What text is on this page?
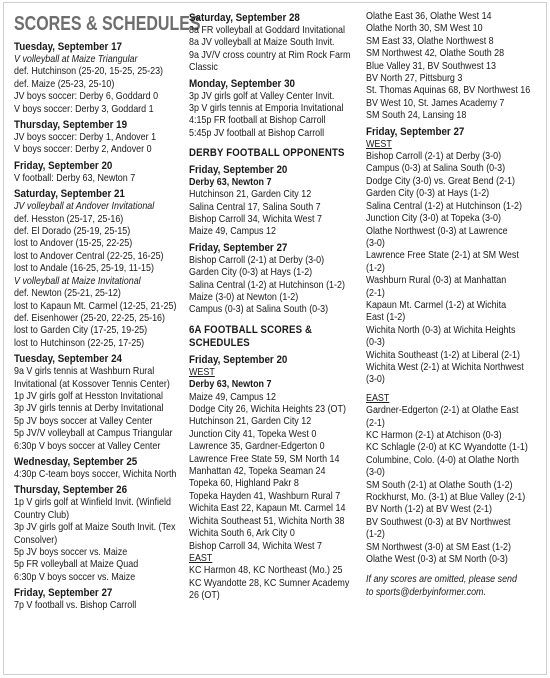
SCORES & SCHEDULES
Tuesday, September 17
V volleyball at Maize Triangular
def. Hutchinson (25-20, 15-25, 25-23)
def. Maize (25-23, 25-10)
JV boys soccer: Derby 6, Goddard 0
V boys soccer: Derby 3, Goddard 1
Thursday, September 19
JV boys soccer: Derby 1, Andover 1
V boys soccer: Derby 2, Andover 0
Friday, September 20
V football: Derby 63, Newton 7
Saturday, September 21
JV volleyball at Andover Invitational
def. Hesston (25-17, 25-16)
def. El Dorado (25-19, 25-15)
lost to Andover (15-25, 22-25)
lost to Andover Central (22-25, 16-25)
lost to Andale (16-25, 25-19, 11-15)
V volleyball at Maize Invitational
def. Newton (25-21, 25-12)
lost to Kapaun Mt. Carmel (12-25, 21-25)
def. Eisenhower (25-20, 22-25, 25-16)
lost to Garden City (17-25, 19-25)
lost to Hutchinson (22-25, 17-25)
Tuesday, September 24
9a V girls tennis at Washburn Rural
Invitational (at Kossover Tennis Center)
1p JV girls golf at Hesston Invitational
3p JV girls tennis at Derby Invitational
5p JV boys soccer at Valley Center
5p JV/V volleyball at Campus Triangular
6:30p V boys soccer at Valley Center
Wednesday, September 25
4:30p C-team boys soccer, Wichita North
Thursday, September 26
1p V girls golf at Winfield Invit. (Winfield
Country Club)
3p JV girls golf at Maize South Invit. (Tex
Consolver)
5p JV boys soccer vs. Maize
5p FR volleyball at Maize Quad
6:30p V boys soccer vs. Maize
Friday, September 27
7p V football vs. Bishop Carroll
Saturday, September 28
8a FR volleyball at Goddard Invitational
8a JV volleyball at Maize South Invit.
9a JV/V cross country at Rim Rock Farm
Classic
Monday, September 30
3p JV girls golf at Valley Center Invit.
3p V girls tennis at Emporia Invitational
4:15p FR football at Bishop Carroll
5:45p JV football at Bishop Carroll
DERBY FOOTBALL OPPONENTS
Friday, September 20
Derby 63, Newton 7
Hutchinson 21, Garden City 12
Salina Central 17, Salina South 7
Bishop Carroll 34, Wichita West 7
Maize 49, Campus 12
Friday, September 27
Bishop Carroll (2-1) at Derby (3-0)
Garden City (0-3) at Hays (1-2)
Salina Central (1-2) at Hutchinson (1-2)
Maize (3-0) at Newton (1-2)
Campus (0-3) at Salina South (0-3)
6A FOOTBALL SCORES &
SCHEDULES
Friday, September 20
WEST
Derby 63, Newton 7
Maize 49, Campus 12
Dodge City 26, Wichita Heights 23 (OT)
Hutchinson 21, Garden City 12
Junction City 41, Topeka West 0
Lawrence 35, Gardner-Edgerton 0
Lawrence Free State 59, SM North 14
Manhattan 42, Topeka Seaman 24
Topeka 60, Highland Pakr 8
Topeka Hayden 41, Washburn Rural 7
Wichita East 22, Kapaun Mt. Carmel 14
Wichita Southeast 51, Wichita North 38
Wichita South 6, Ark City 0
Bishop Carroll 34, Wichita West 7
EAST
KC Harmon 48, KC Northeast (Mo.) 25
KC Wyandotte 28, KC Sumner Academy
26 (OT)
Olathe East 36, Olathe West 14
Olathe North 30, SM West 10
SM East 33, Olathe Northwest 8
SM Northwest 42, Olathe South 28
Blue Valley 31, BV Southwest 13
BV North 27, Pittsburg 3
St. Thomas Aquinas 68, BV Northwest 16
BV West 10, St. James Academy 7
SM South 24, Lansing 18
Friday, September 27
WEST
Bishop Carroll (2-1) at Derby (3-0)
Campus (0-3) at Salina South (0-3)
Dodge City (3-0) vs. Great Bend (2-1)
Garden City (0-3) at Hays (1-2)
Salina Central (1-2) at Hutchinson (1-2)
Junction City (3-0) at Topeka (3-0)
Olathe Northwest (0-3) at Lawrence
(3-0)
Lawrence Free State (2-1) at SM West
(1-2)
Washburn Rural (0-3) at Manhattan
(2-1)
Kapaun Mt. Carmel (1-2) at Wichita
East (1-2)
Wichita North (0-3) at Wichita Heights
(0-3)
Wichita Southeast (1-2) at Liberal (2-1)
Wichita West (2-1) at Wichita Northwest
(3-0)
EAST
Gardner-Edgerton (2-1) at Olathe East
(2-1)
KC Harmon (2-1) at Atchison (0-3)
KC Schlagle (2-0) at KC Wyandotte (1-1)
Columbine, Colo. (4-0) at Olathe North
(3-0)
SM South (2-1) at Olathe South (1-2)
Rockhurst, Mo. (3-1) at Blue Valley (2-1)
BV North (1-2) at BV West (2-1)
BV Southwest (0-3) at BV Northwest
(1-2)
SM Northwest (3-0) at SM East (1-2)
Olathe West (0-3) at SM North (0-3)
If any scores are omitted, please send
to sports@derbyinformer.com.
